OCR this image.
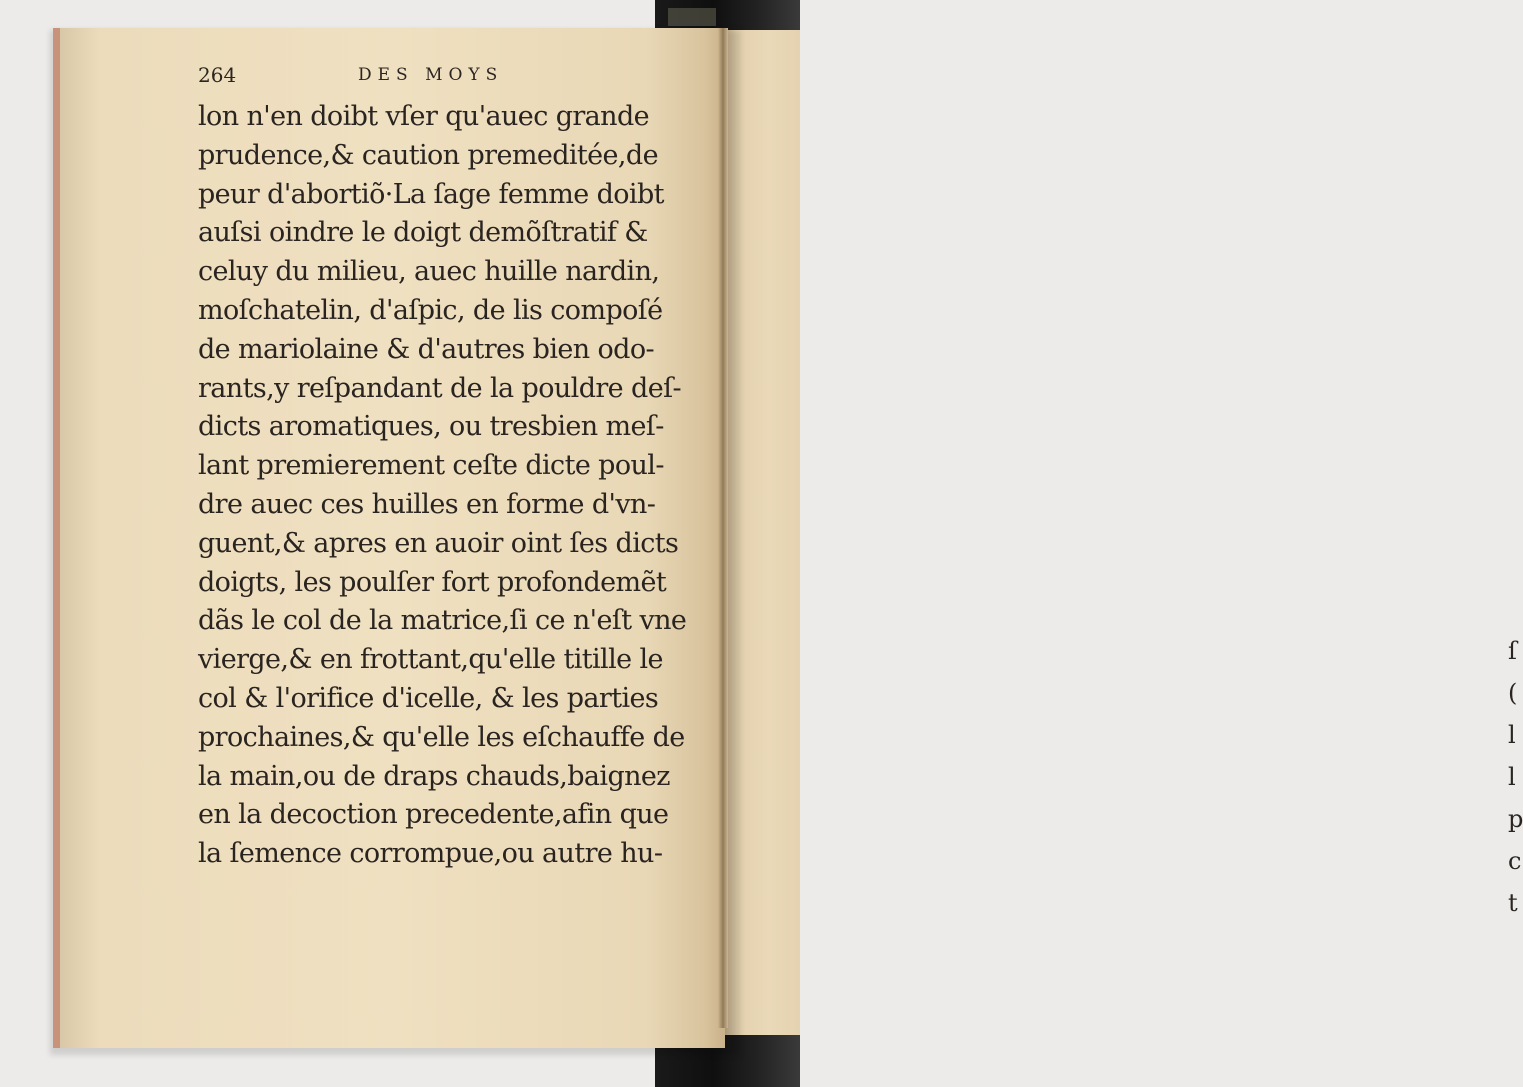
ſ
(
l
l
p
c
t
264	DES MOYS
lon n'en doibt vſer qu'auec grande
prudence,& caution premeditée,de
peur d'abortiõ·La ſage femme doibt
auſsi oindre le doigt demõſtratif &
celuy du milieu, auec huille nardin,
moſchatelin, d'aſpic, de lis compoſé
de mariolaine & d'autres bien odo-
rants,y reſpandant de la pouldre deſ-
dicts aromatiques, ou tresbien meſ-
lant premierement ceſte dicte poul-
dre auec ces huilles en forme d'vn-
guent,& apres en auoir oint ſes dicts
doigts, les poulſer fort profondemẽt
dãs le col de la matrice,ſi ce n'eſt vne
vierge,& en frottant,qu'elle titille le
col & l'orifice d'icelle, & les parties
prochaines,& qu'elle les eſchauffe de
la main,ou de draps chauds,baignez
en la decoction precedente,afin que
la ſemence corrompue,ou autre hu-
